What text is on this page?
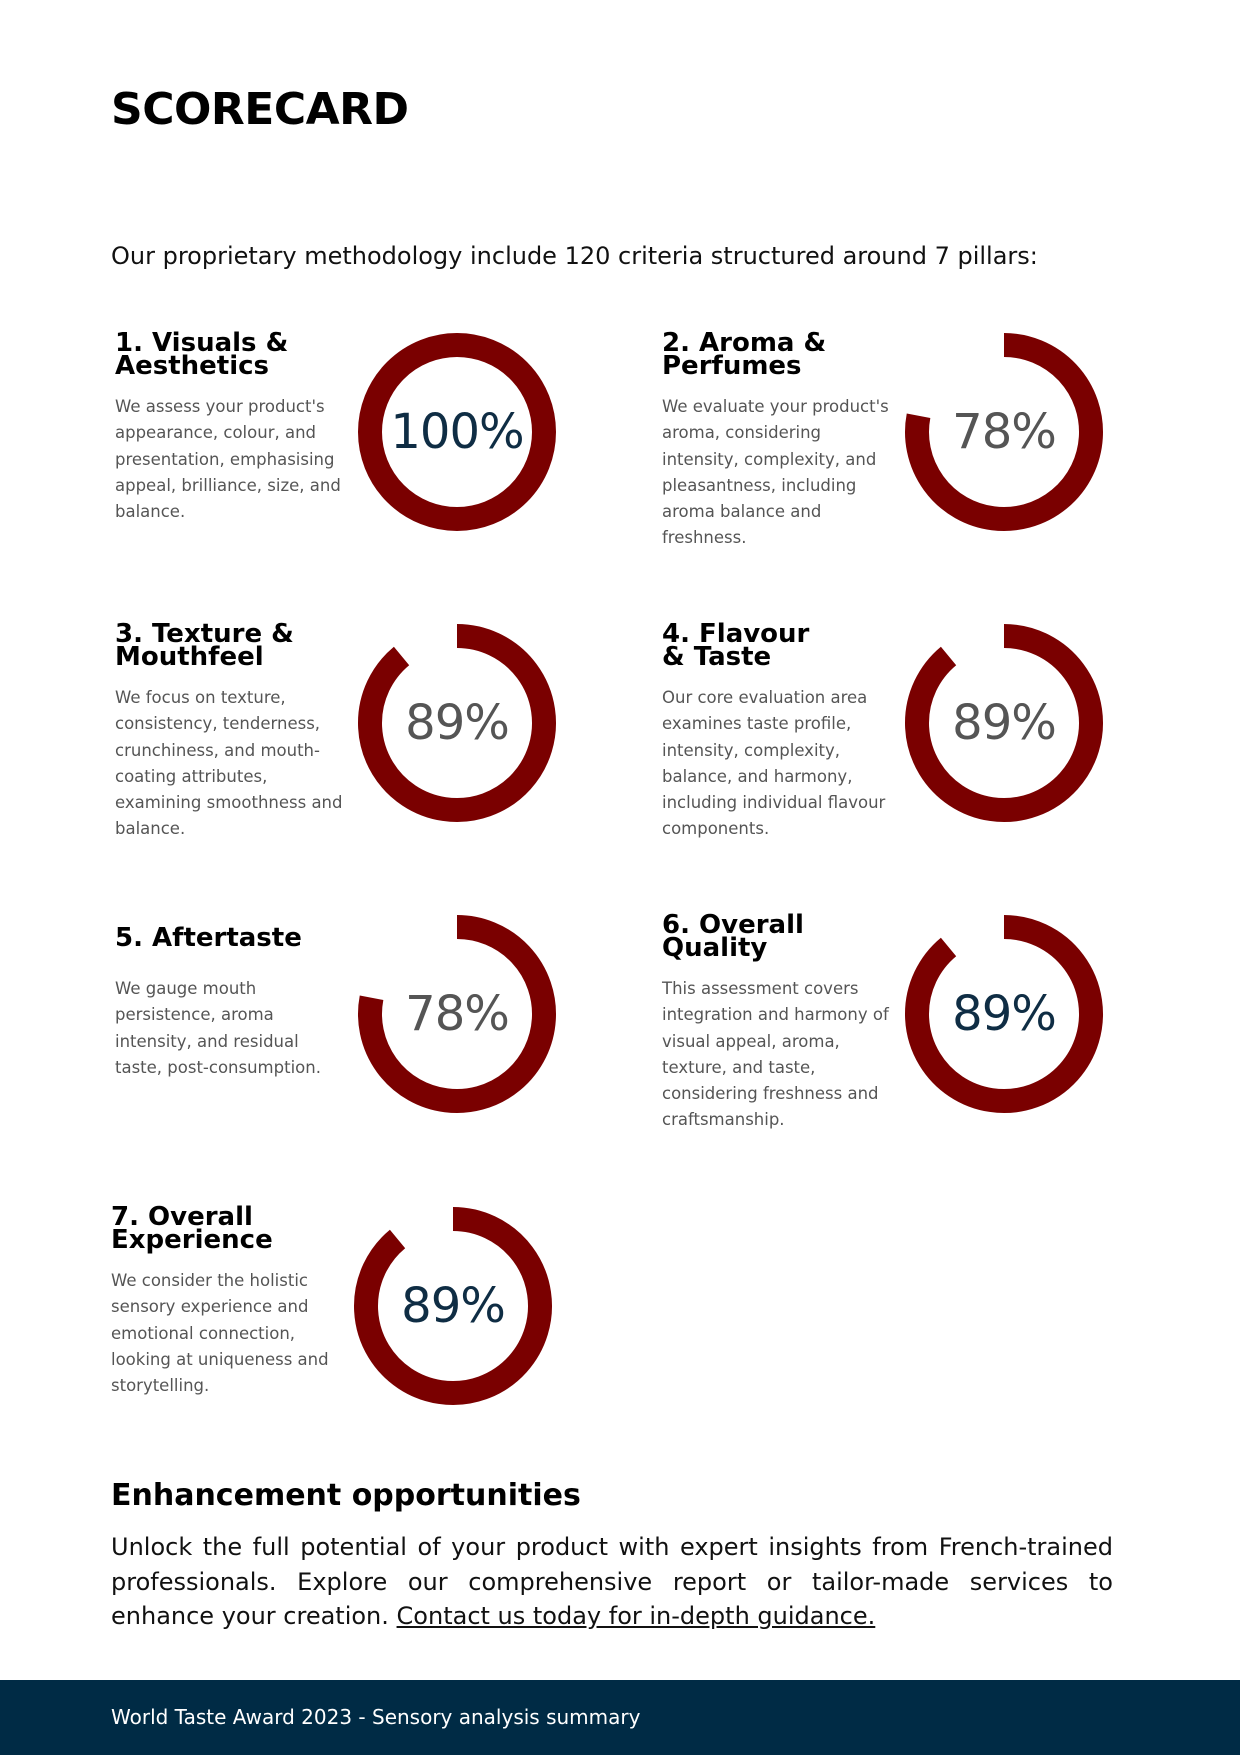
SCORECARD
Our proprietary methodology include 120 criteria structured around 7 pillars:
1. Visuals &
Aesthetics
We assess your product's appearance, colour, and presentation, emphasising appeal, brilliance, size, and balance.
100%
2. Aroma &
Perfumes
We evaluate your product's aroma, considering intensity, complexity, and pleasantness, including aroma balance and freshness.
78%
3. Texture &
Mouthfeel
We focus on texture, consistency, tenderness, crunchiness, and mouth-coating attributes, examining smoothness and balance.
89%
4. Flavour
& Taste
Our core evaluation area examines taste profile, intensity, complexity, balance, and harmony, including individual flavour components.
89%
5. Aftertaste
We gauge mouth persistence, aroma intensity, and residual taste, post-consumption.
78%
6. Overall
Quality
This assessment covers integration and harmony of visual appeal, aroma, texture, and taste, considering freshness and craftsmanship.
89%
7. Overall
Experience
We consider the holistic sensory experience and emotional connection, looking at uniqueness and storytelling.
89%
Enhancement opportunities
Unlock the full potential of your product with expert insights from French-trained professionals. Explore our comprehensive report or tailor-made services to enhance your creation. Contact us today for in-depth guidance.
World Taste Award 2023 - Sensory analysis summary
